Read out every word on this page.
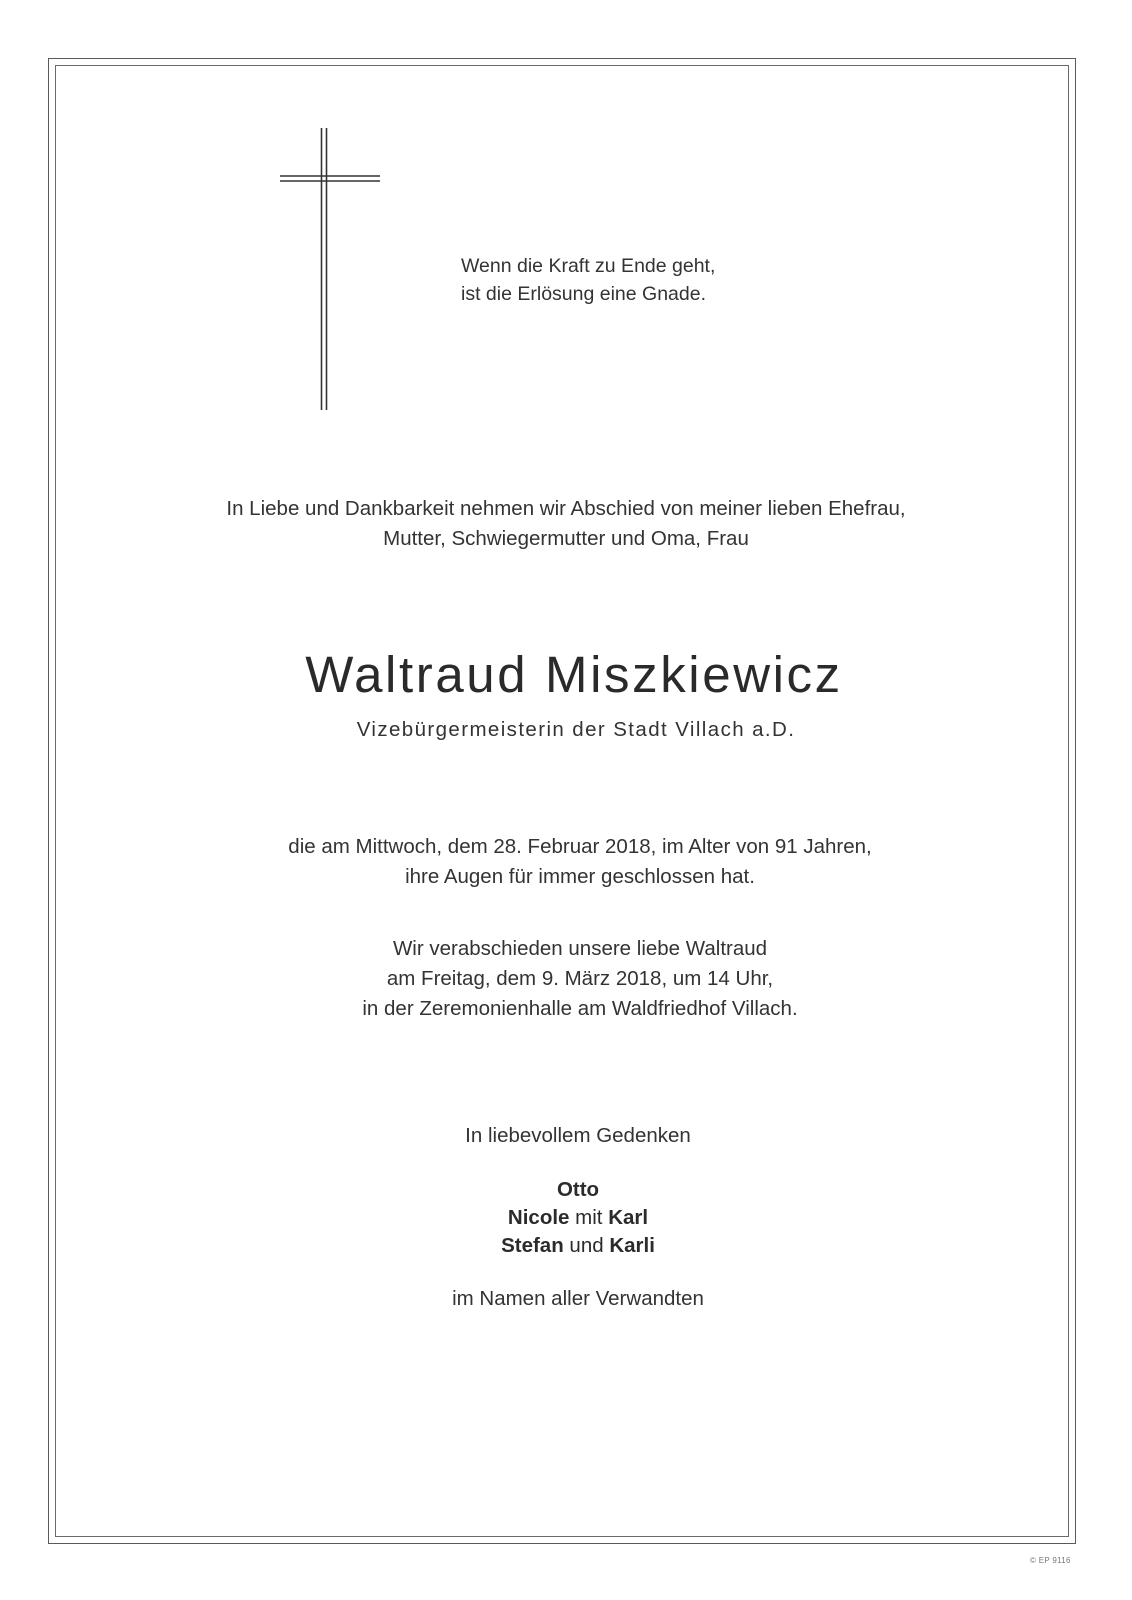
Wenn die Kraft zu Ende geht,
ist die Erlösung eine Gnade.
In Liebe und Dankbarkeit nehmen wir Abschied von meiner lieben Ehefrau,
Mutter, Schwiegermutter und Oma, Frau
Waltraud Miszkiewicz
Vizebürgermeisterin der Stadt Villach a.D.
die am Mittwoch, dem 28. Februar 2018, im Alter von 91 Jahren,
ihre Augen für immer geschlossen hat.
Wir verabschieden unsere liebe Waltraud
am Freitag, dem 9. März 2018, um 14 Uhr,
in der Zeremonienhalle am Waldfriedhof Villach.
In liebevollem Gedenken
Otto
Nicole mit Karl
Stefan und Karli
im Namen aller Verwandten
© EP 9116
